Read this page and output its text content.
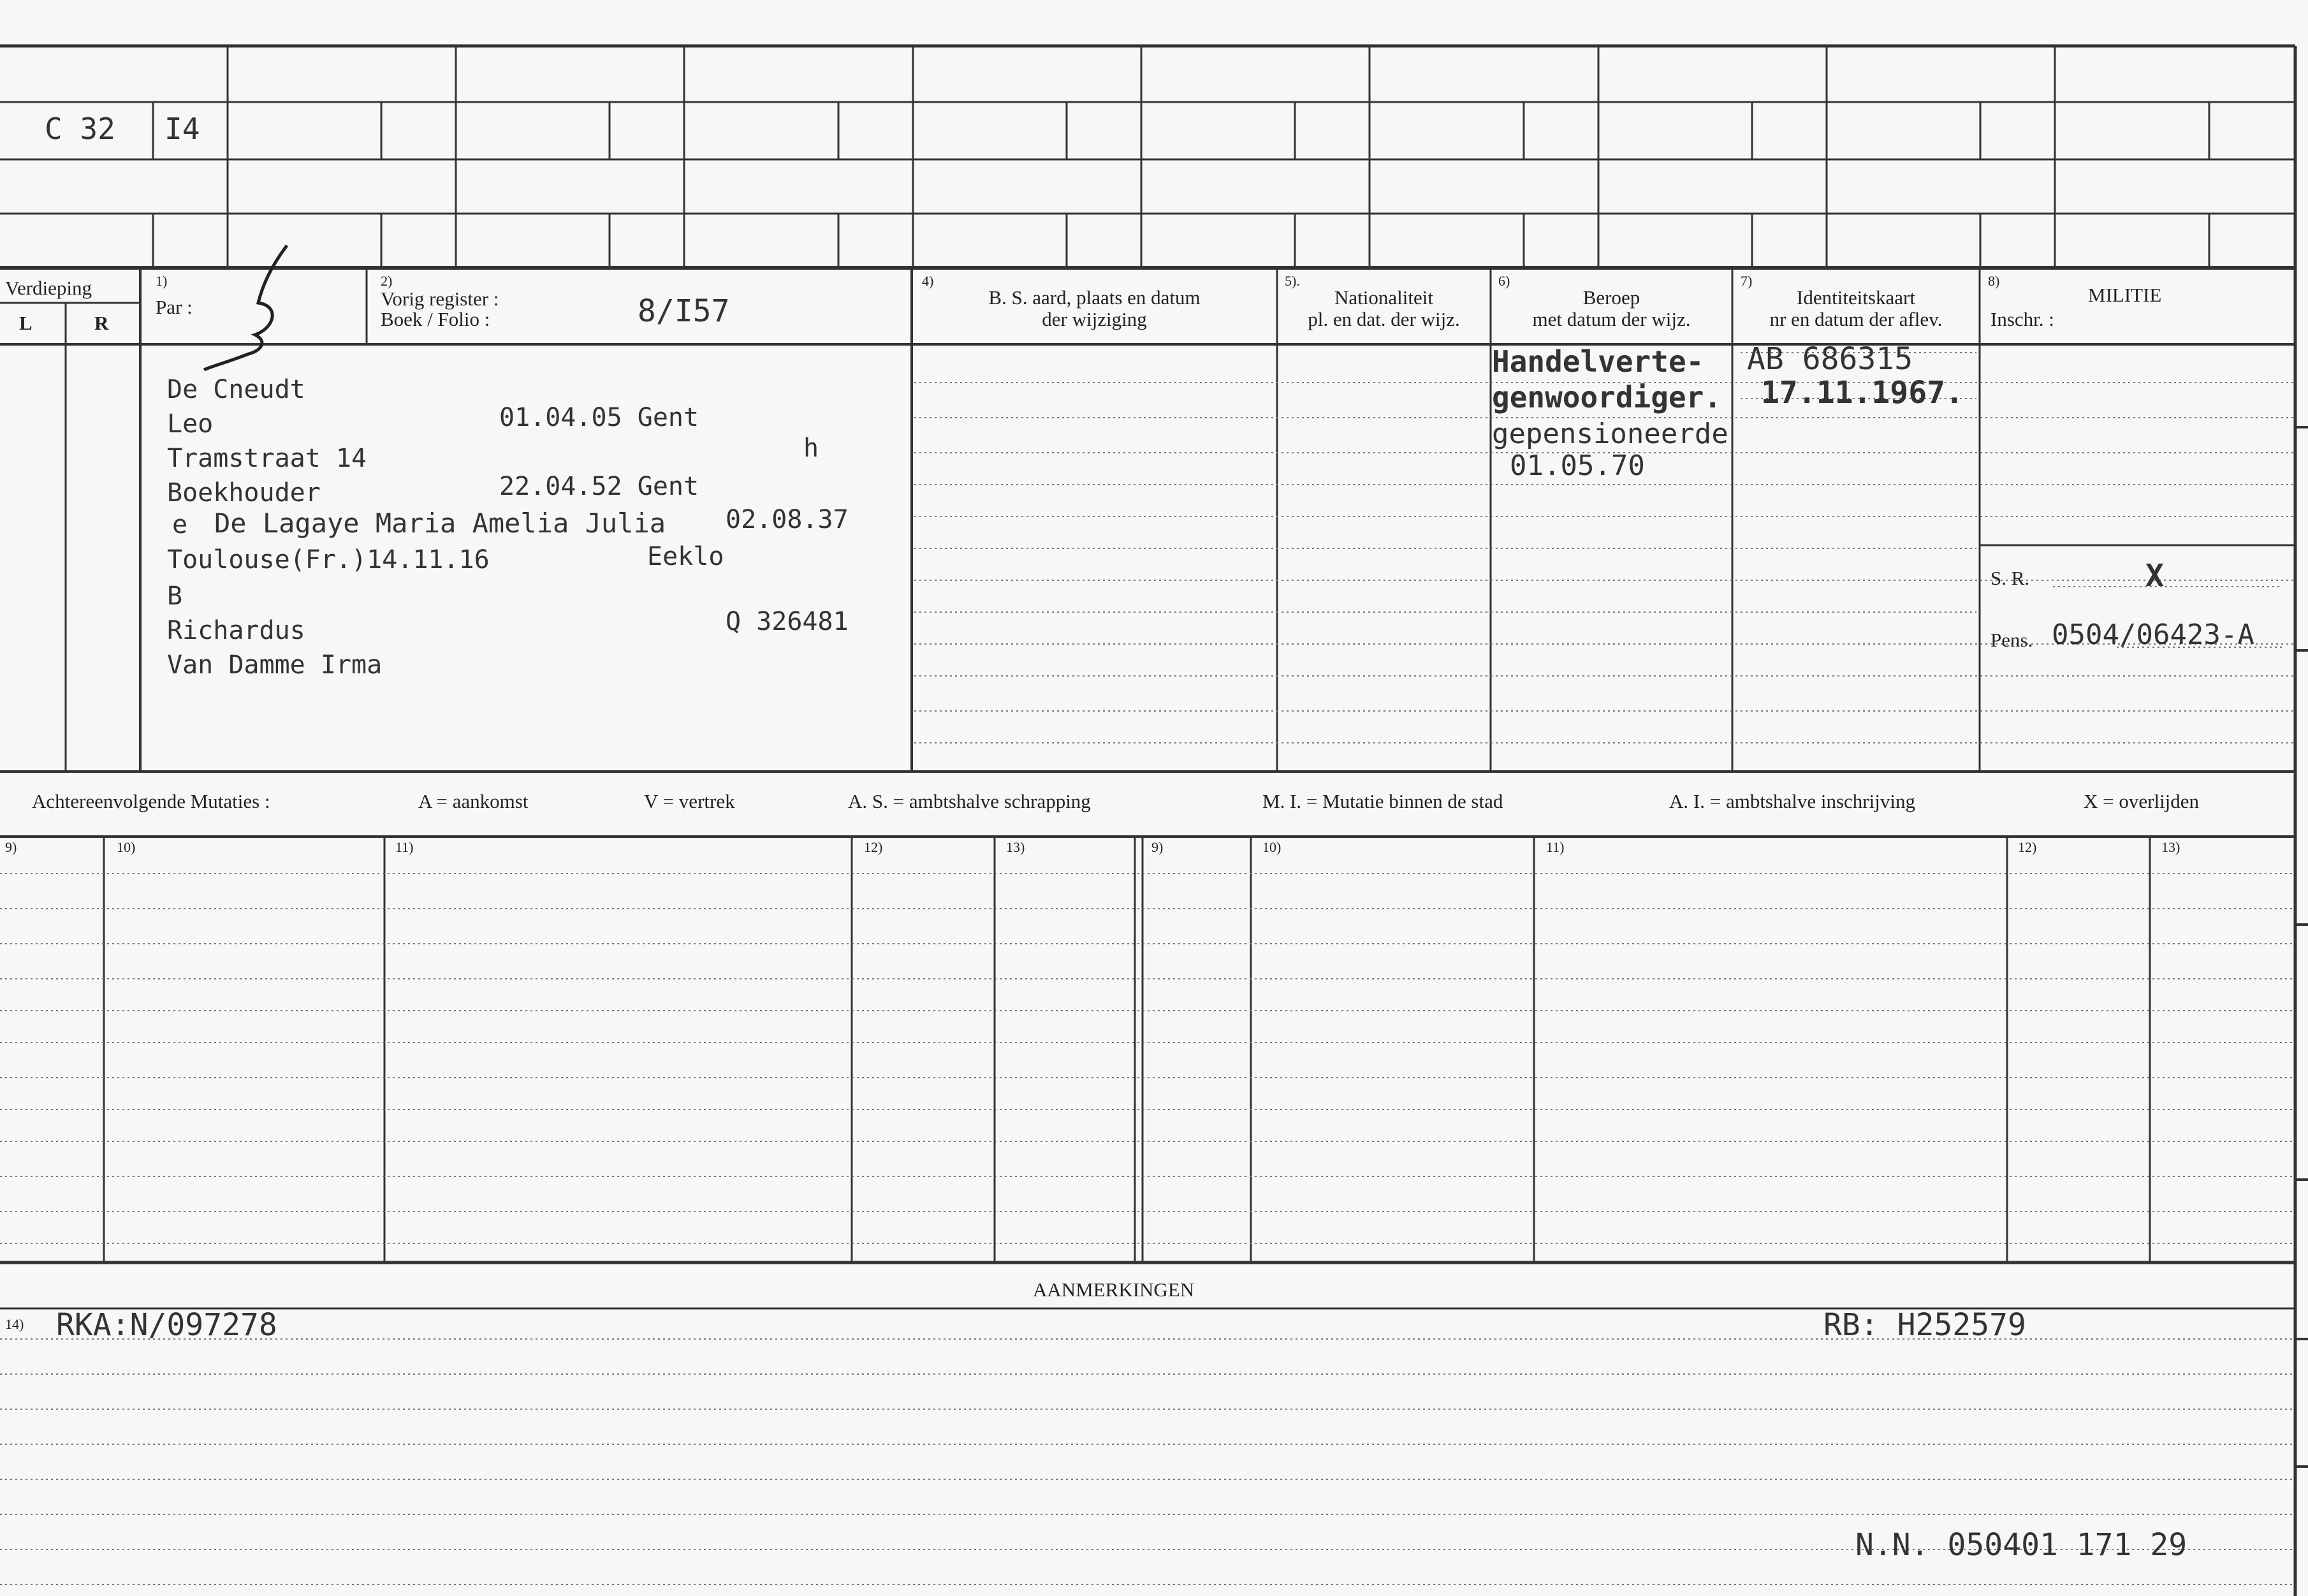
C 32 I4
Verdieping
L	R
1)
Par :
2)
Vorig register :
Boek / Folio :	8/I57
4)
B. S. aard, plaats en datum
der wijziging
5).
Nationaliteit
pl. en dat. der wijz.
6)
Beroep
met datum der wijz.
7)
Identiteitskaart
nr en datum der aflev.
8)
MILITIE
Inschr. :
De Cneudt
Leo	01.04.05 Gent
Tramstraat 14	h
Boekhouder	22.04.52 Gent
e De Lagaye Maria Amelia Julia 02.08.37
Toulouse(Fr.)14.11.16	Eeklo
B
Richardus	Q 326481
Van Damme Irma
Handelverte-
genwoordiger.
gepensioneerde
01.05.70
AB 686315
17.11.1967.
S. R.	X
Pens. 0504/06423-A
Achtereenvolgende Mutaties :	A = aankomst	V = vertrek	A. S. = ambtshalve schrapping	M. I. = Mutatie binnen de stad	A. I. = ambtshalve inschrijving	X = overlijden
9)	10)	11)	12)	13)	9)	10)	11)	12)	13)
AANMERKINGEN
14) RKA:N/097278	RB: H252579
N.N. 050401 171 29
